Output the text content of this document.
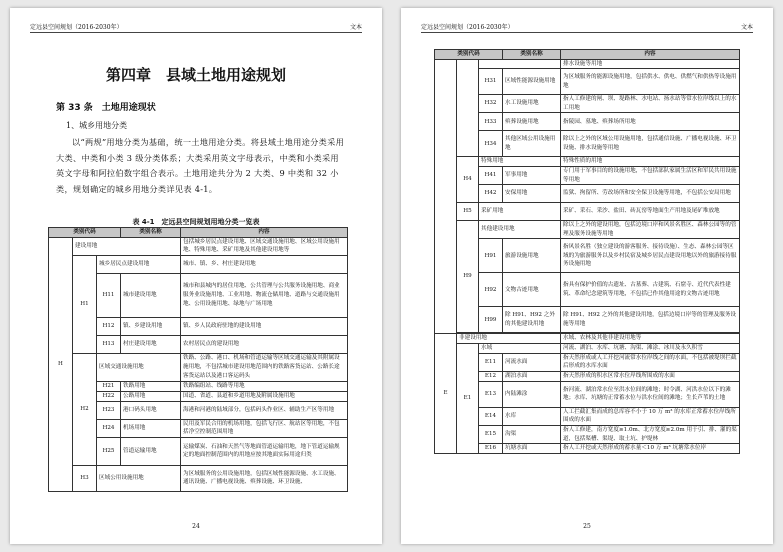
定远县空间规划（2016-2030年）	文本
第四章　县域土地用途规划
第 33 条　土地用途现状
1、城乡用地分类
以“两规”用地分类为基础，统一土地用途分类。将县域土地用途分类采用大类、中类和小类 3 级分类体系；大类采用英文字母表示，中类和小类采用英文字母和阿拉伯数字组合表示。土地用途共分为 2 大类、9 中类和 32 小类，规划确定的城乡用地分类详见表 4-1。
表 4-1　定远县空间规划用地分类一览表
类别代码			类别名称	内容
H	建设用地			包括城乡居民点建设用地、区域交通设施用地、区域公用设施用地、特殊用地、采矿用地及其他建设用地等
	H1	城乡居民点建设用地		城市、镇、乡、村庄建设用地
		H11	城市建设用地	城市和县城内的居住用地、公共管理与公共服务设施用地、商业服务业设施用地、工业用地、物流仓储用地、道路与交通设施用地、公用设施用地、绿地与广场用地
		H12	镇、乡建设用地	镇、乡人民政府驻地的建设用地
		H13	村庄建设用地	农村居民点的建设用地
	H2	区域交通设施用地		铁路、公路、港口、机场和管道运输等区域交通运输及其附属设施用地，不包括城市建设用地范围内的铁路客货运站、公路长途客货运站以及港口客运码头
		H21	铁路用地	铁路编组站、线路等用地
		H22	公路用地	国道、省道、县道和乡道用地及附属设施用地
		H23	港口码头用地	海港和河港的陆域部分，包括码头作业区、辅助生产区等用地
		H24	机场用地	民用及军民合用的机场用地，包括飞行区、航站区等用地，不包括净空控制范围用地
		H25	管道运输用地	运输煤炭、石油和天然气等地面管道运输用地，地下管道运输规定的地面控制范围内的用地应按其地面实际用途归类
	H3	区域公用设施用地		为区域服务的公用设施用地，包括区域性能源设施、水工设施、通讯设施、广播电视设施、殡葬设施、环卫设施、
24
定远县空间规划（2016-2030年）	文本
类别代码			类别名称	内容
				排水设施等用地
		H31	区域性能源设施用地	为区域服务的能源设施用地，包括供水、供电、供燃气和供热等设施用地
		H32	水工设施用地	指人工修建的闸、坝、堤路林、水电站、扬水站等常水位岸线以上的水工用地
		H33	殡葬设施用地	指陵园、墓地、殡葬场所用地
		H34	其他区域公用设施用地	除以上之外的区域公用设施用地，包括通信设施、广播电视设施、环卫设施、排水设施等用地
	H4	特殊用地		特殊性质的用地
		H41	军事用地	专门用于军事目的的设施用地，不包括部队家属生活区和军民共用设施等用地
		H42	安保用地	监狱、拘留所、劳改场所和安全保卫设施等用地，不包括公安局用地
	H5	采矿用地		采矿、采石、采沙、盐田、砖瓦窑等地面生产用地及尾矿堆放地
	H9	其他建设用地		除以上之外的建设用地，包括边境口岸和风景名胜区、森林公园等的管理及服务设施等用地
		H91	旅游设施用地	指风景名胜（独立建设的游客服务、接待设施）、生态、森林公园等区域的为旅游服务以及乡村民宿及城乡居民点建设用地以外的旅游接待服务设施用地
		H92	文物古迹用地	指具有保护价值的古遗址、古墓葬、古建筑、石窟寺、近代代表性建筑、革命纪念建筑等用地，不包括已作其他用途的文物古迹用地
		H99	除 H91、H92 之外的其他建设用地	除 H91、H92 之外的其他建设用地，包括边境口岸等的管理及服务设施等用地

E	非建设用地			水域、农林及其他非建设用地等
	E1	水域		河流、湖泊、水库、坑塘、沟渠、滩涂、冰川及永久积雪
		E11	河流水面	指天然形成或人工开挖河流常水位岸线之间的水面，不包括被堤坝拦截后形成的水库水面
		E12	湖泊水面	指天然形成的积水区常水位岸线所围成的水面
		E13	内陆滩涂	指河流、湖泊常水位至洪水位间的滩地；时令湖、河洪水位以下的滩地；水库、坑塘的正常蓄水位与洪水位间的滩地；生长芦苇的土地
		E14	水库	人工拦截汇集而成的总库容不小于 10 万 m³ 的水库正常蓄水位岸线所围成的水面
		E15	沟渠	指人工修建，南方宽度≥1.0m、北方宽度≥2.0m 用于引、排、灌的渠道，包括渠槽、渠堤、取土坑、护堤林
		E16	坑塘水面	指人工开挖或天然形成的蓄水量＜10 万 m³ 坑塘常水位岸
25
